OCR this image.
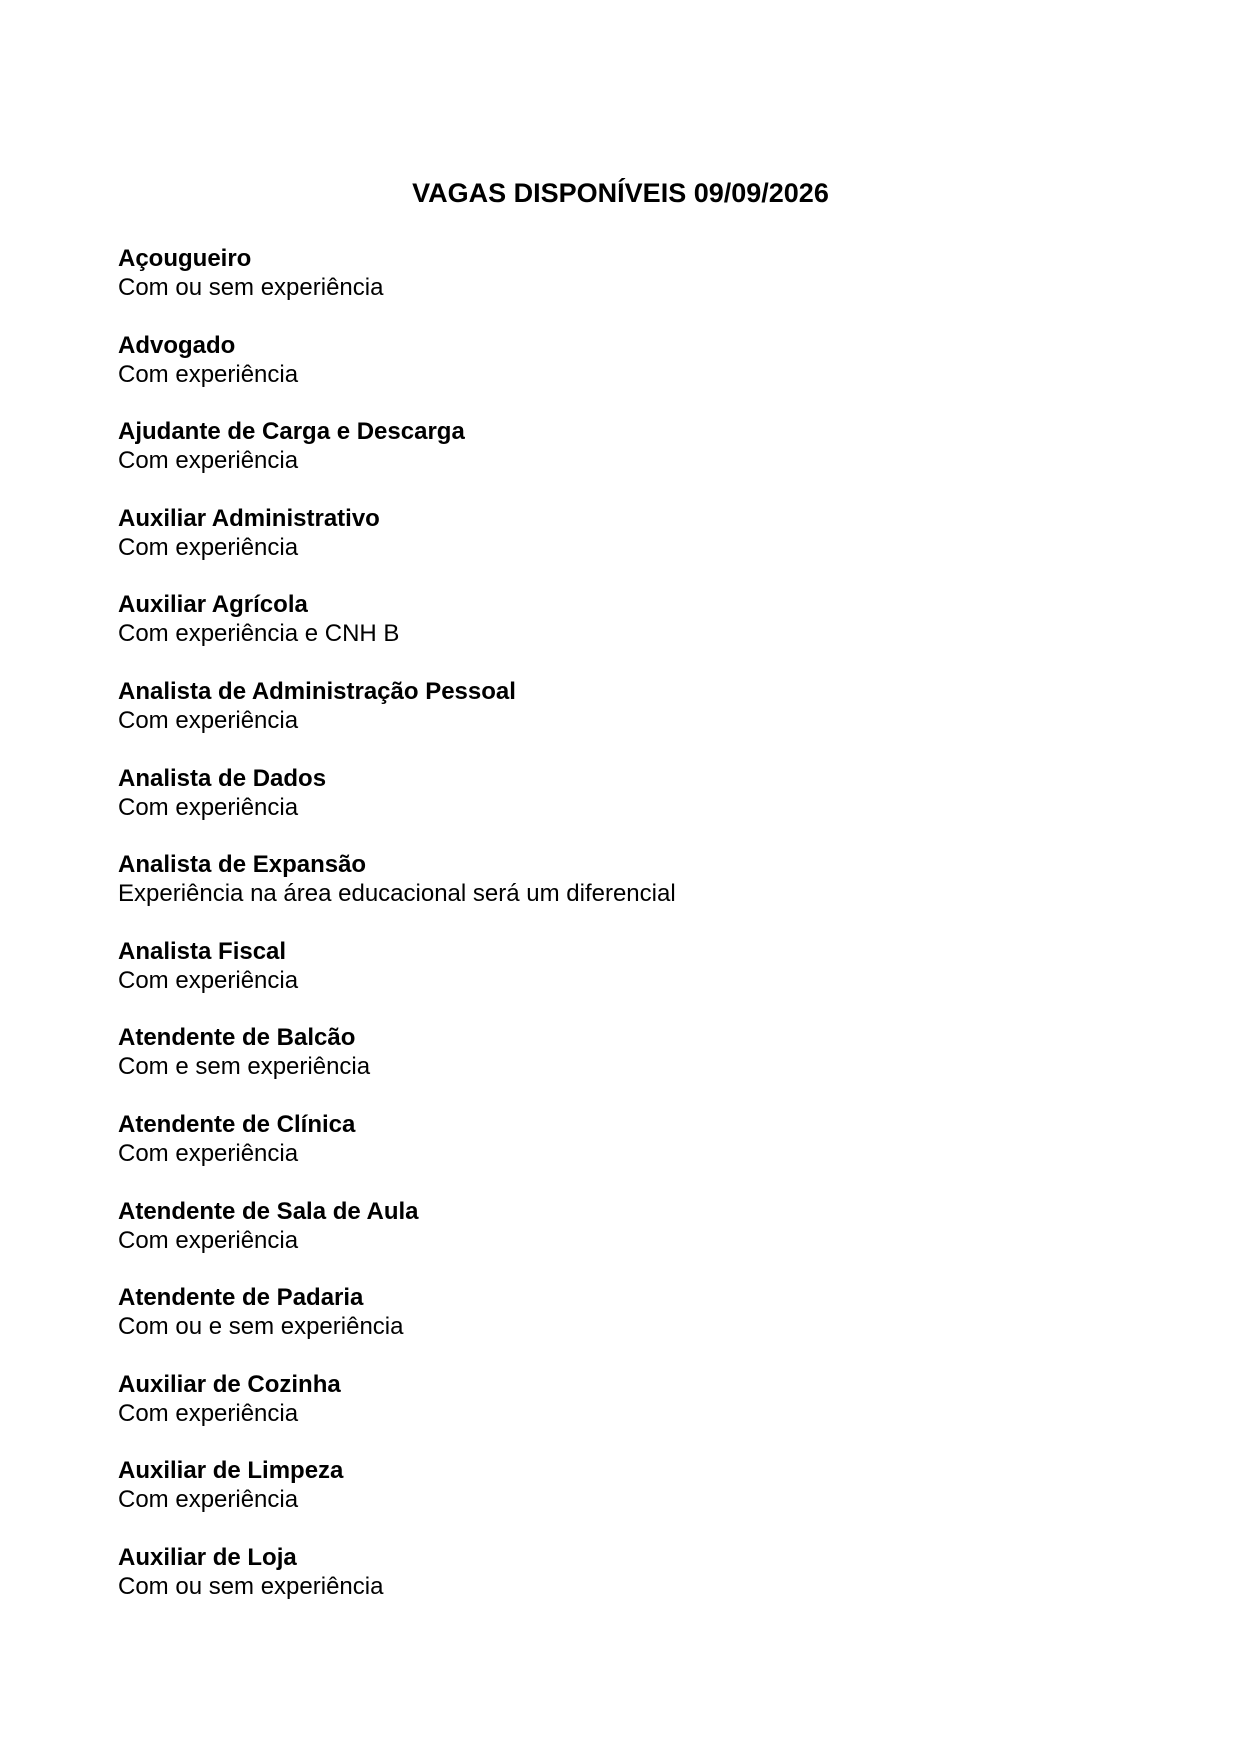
VAGAS DISPONÍVEIS 09/09/2026
Açougueiro
Com ou sem experiência
Advogado
Com experiência
Ajudante de Carga e Descarga
Com experiência
Auxiliar Administrativo
Com experiência
Auxiliar Agrícola
Com experiência e CNH B
Analista de Administração Pessoal
Com experiência
Analista de Dados
Com experiência
Analista de Expansão
Experiência na área educacional será um diferencial
Analista Fiscal
Com experiência
Atendente de Balcão
Com e sem experiência
Atendente de Clínica
Com experiência
Atendente de Sala de Aula
Com experiência
Atendente de Padaria
Com ou e sem experiência
Auxiliar de Cozinha
Com experiência
Auxiliar de Limpeza
Com experiência
Auxiliar de Loja
Com ou sem experiência
